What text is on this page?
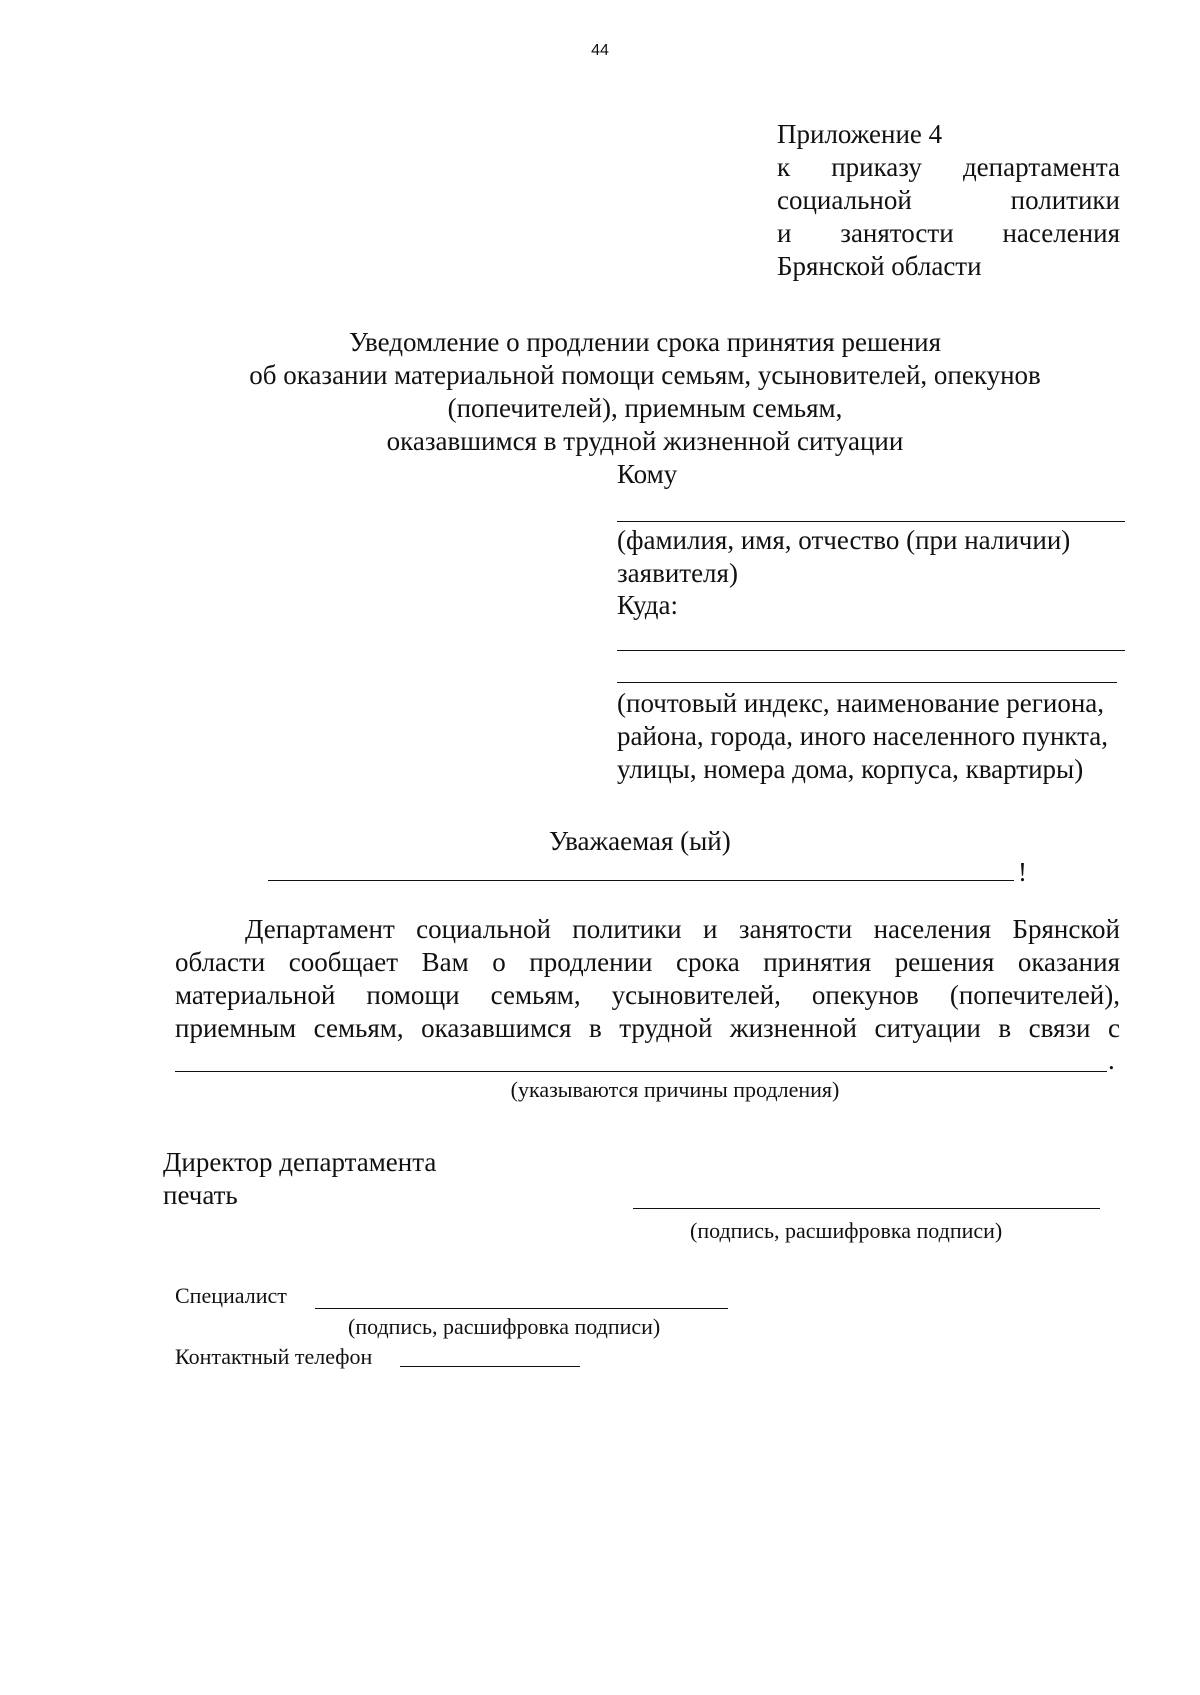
44
Приложение 4
к приказу департамента
социальной политики
и занятости населения
Брянской области
Уведомление о продлении срока принятия решения
об оказании материальной помощи семьям, усыновителей, опекунов
(попечителей), приемным семьям,
оказавшимся в трудной жизненной ситуации
Кому
(фамилия, имя, отчество (при наличии)
заявителя)
Куда:
(почтовый индекс, наименование региона,
района, города, иного населенного пункта,
улицы, номера дома, корпуса, квартиры)
Уважаемая (ый)
!
Департамент социальной политики и занятости населения Брянской
области сообщает Вам о продлении срока принятия решения оказания
материальной помощи семьям, усыновителей, опекунов (попечителей),
приемным семьям, оказавшимся в трудной жизненной ситуации в связи с
.
(указываются причины продления)
Директор департамента
печать
(подпись, расшифровка подписи)
Специалист
(подпись, расшифровка подписи)
Контактный телефон
